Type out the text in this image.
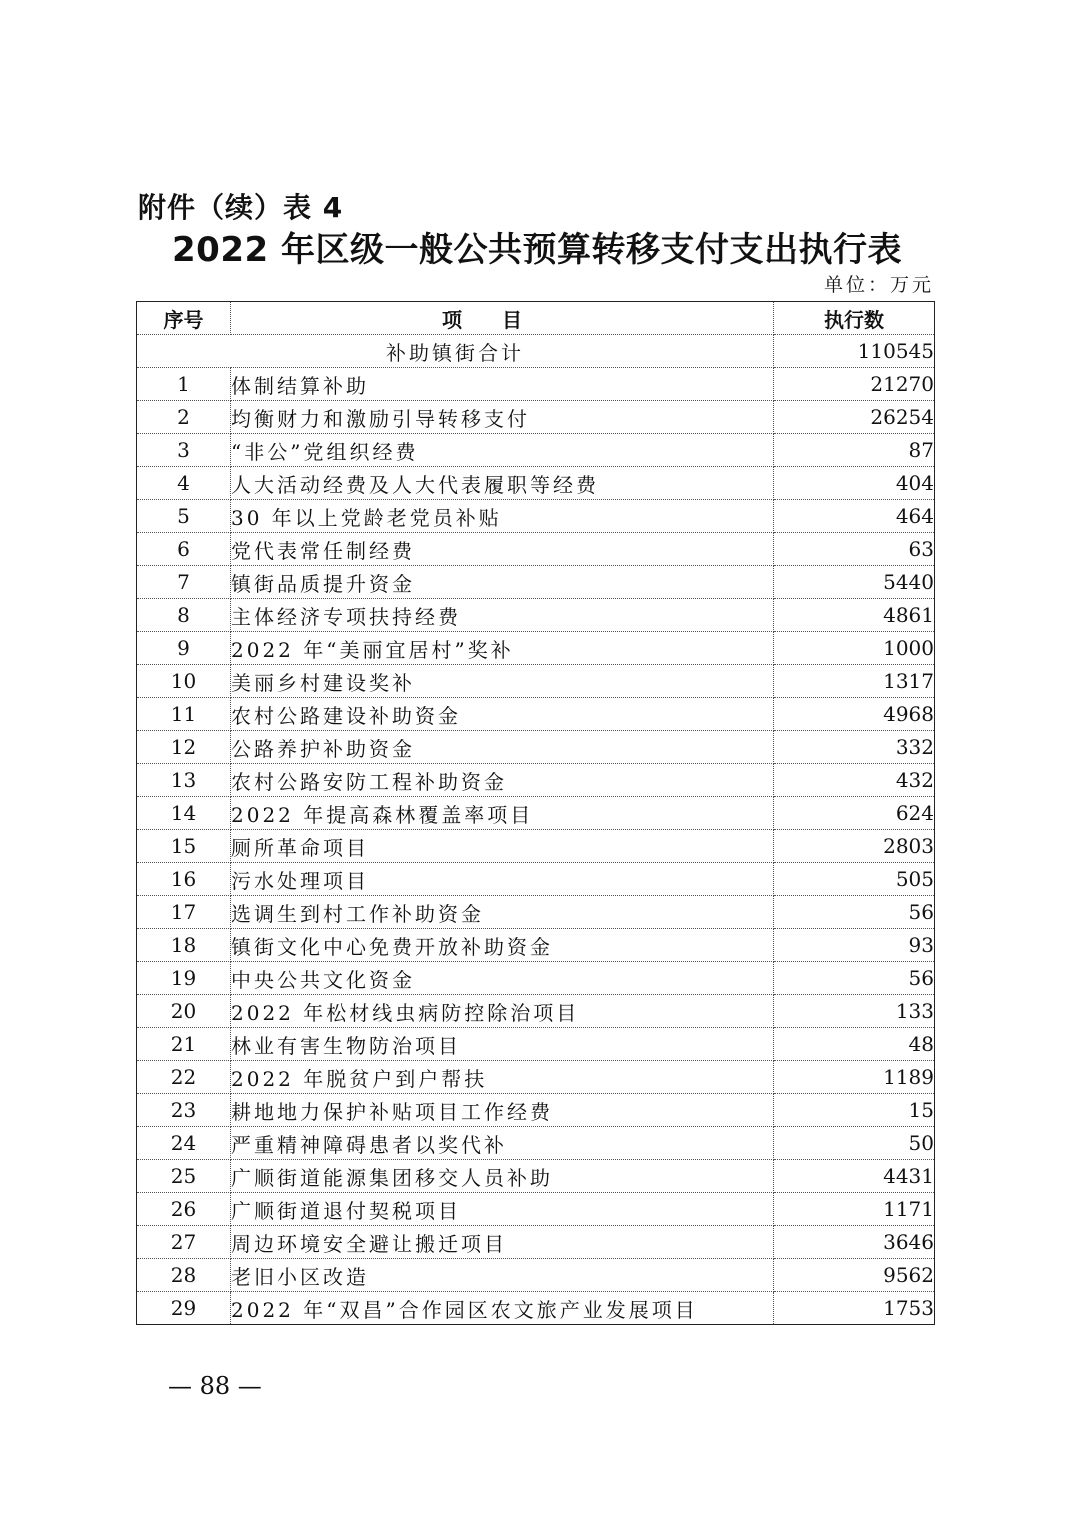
附件（续）表 4
2022 年区级一般公共预算转移支付支出执行表
单位：万元
序号	项目	执行数
补助镇街合计		110545
1	体制结算补助	21270
2	均衡财力和激励引导转移支付	26254
3	“非公”党组织经费	87
4	人大活动经费及人大代表履职等经费	404
5	30 年以上党龄老党员补贴	464
6	党代表常任制经费	63
7	镇街品质提升资金	5440
8	主体经济专项扶持经费	4861
9	2022 年“美丽宜居村”奖补	1000
10	美丽乡村建设奖补	1317
11	农村公路建设补助资金	4968
12	公路养护补助资金	332
13	农村公路安防工程补助资金	432
14	2022 年提高森林覆盖率项目	624
15	厕所革命项目	2803
16	污水处理项目	505
17	选调生到村工作补助资金	56
18	镇街文化中心免费开放补助资金	93
19	中央公共文化资金	56
20	2022 年松材线虫病防控除治项目	133
21	林业有害生物防治项目	48
22	2022 年脱贫户到户帮扶	1189
23	耕地地力保护补贴项目工作经费	15
24	严重精神障碍患者以奖代补	50
25	广顺街道能源集团移交人员补助	4431
26	广顺街道退付契税项目	1171
27	周边环境安全避让搬迁项目	3646
28	老旧小区改造	9562
29	2022 年“双昌”合作园区农文旅产业发展项目	1753
— 88 —
